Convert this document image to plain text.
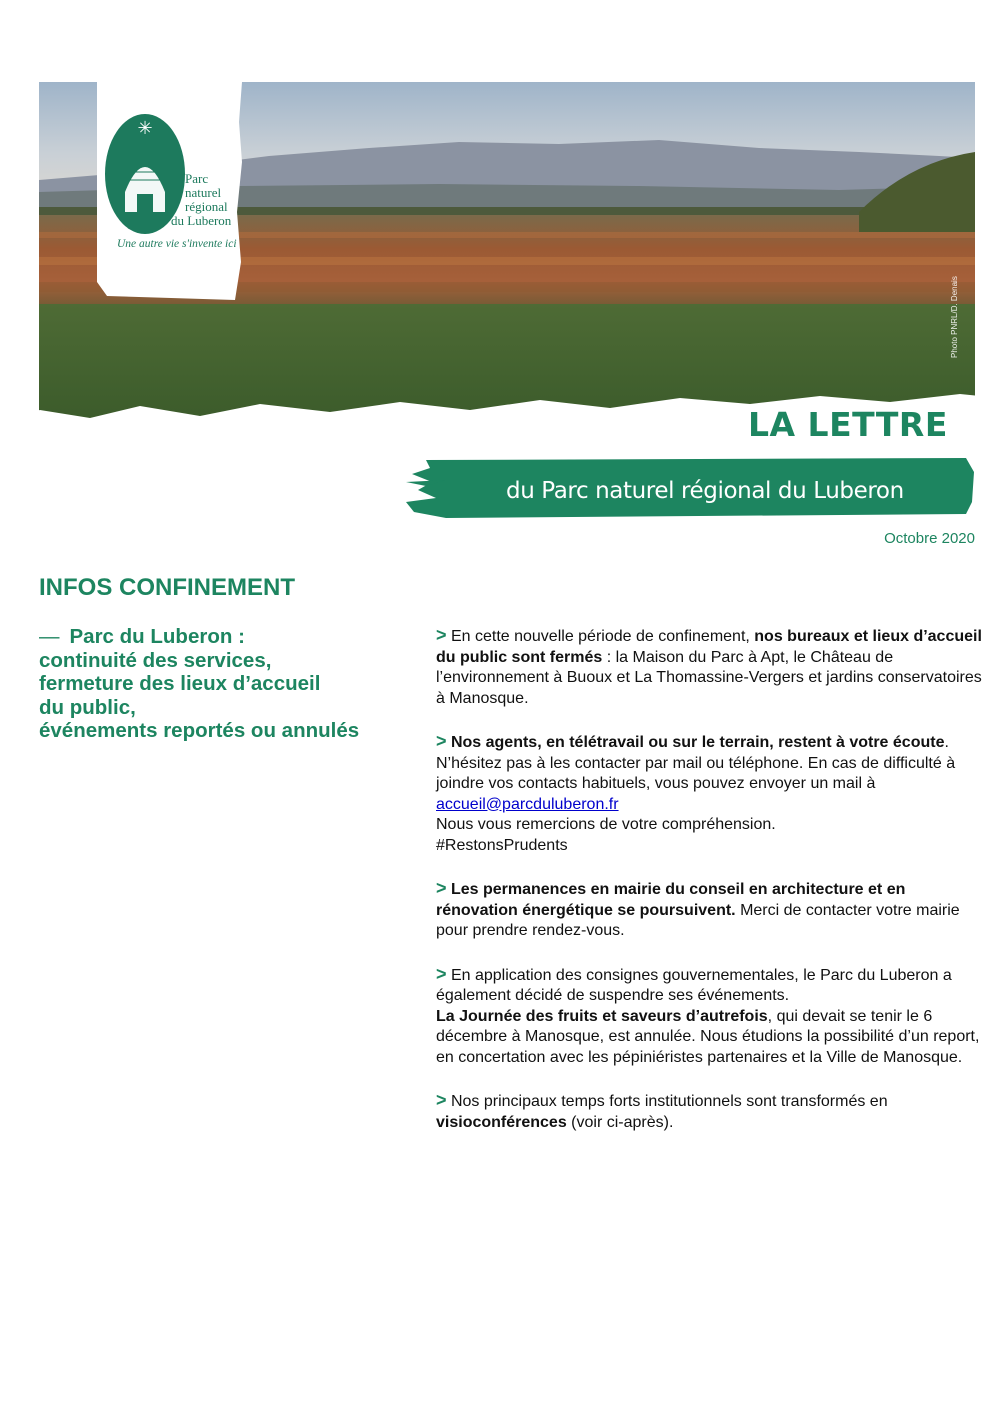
✳
Parc
naturel
régional
du Luberon
Une autre vie s'invente ici
Photo PNRL/D. Denais
LA LETTRE
du Parc naturel régional du Luberon
Octobre 2020
INFOS CONFINEMENT
— Parc du Luberon :
continuité des services,
fermeture des lieux d’accueil
du public,
événements reportés ou annulés

> En cette nouvelle période de confinement, nos bureaux et lieux d’accueil du public sont fermés : la Maison du Parc à Apt, le Château de l’environnement à Buoux et La Thomassine-Vergers et jardins conservatoires à Manosque.

> Nos agents, en télétravail ou sur le terrain, restent à votre écoute. N’hésitez pas à les contacter par mail ou téléphone. En cas de difficulté à joindre vos contacts habituels, vous pouvez envoyer un mail à accueil@parcduluberon.fr
Nous vous remercions de votre compréhension.
#RestonsPrudents

> Les permanences en mairie du conseil en architecture et en rénovation énergétique se poursuivent. Merci de contacter votre mairie pour prendre rendez-vous.

> En application des consignes gouvernementales, le Parc du Luberon a également décidé de suspendre ses événements.
La Journée des fruits et saveurs d’autrefois, qui devait se tenir le 6 décembre à Manosque, est annulée. Nous étudions la possibilité d’un report, en concertation avec les pépiniéristes partenaires et la Ville de Manosque.

> Nos principaux temps forts institutionnels sont transformés en visioconférences (voir ci-après).
